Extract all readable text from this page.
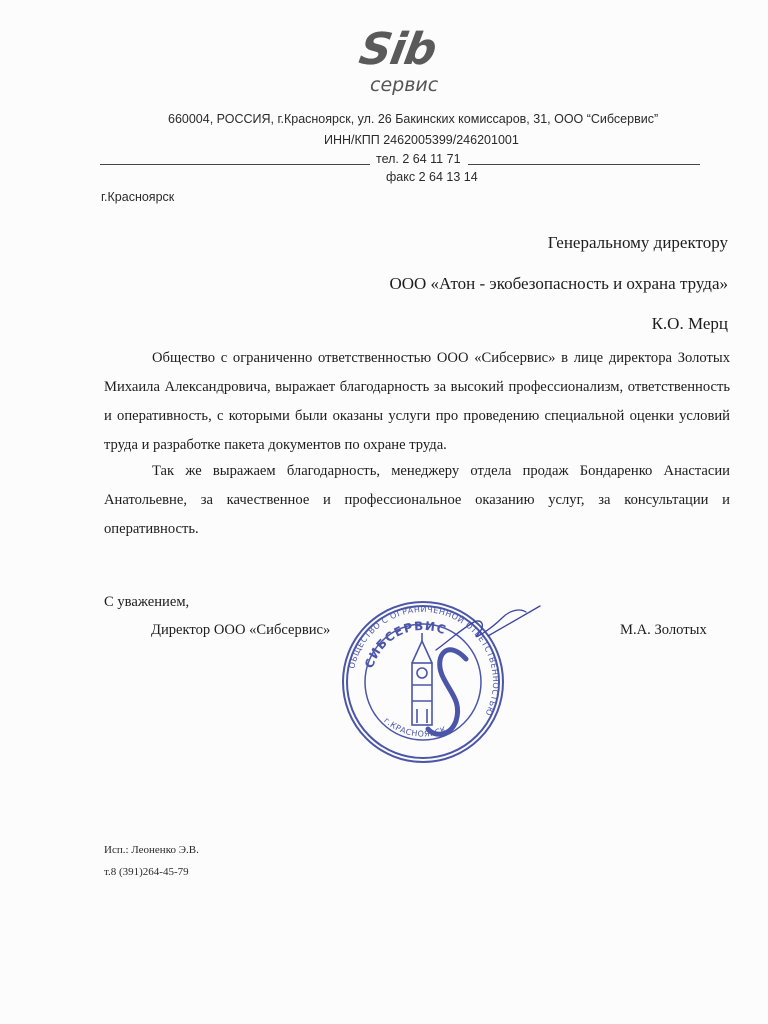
Sib
сервис
660004, РОССИЯ, г.Красноярск, ул. 26 Бакинских комиссаров, 31, ООО “Сибсервис”
ИНН/КПП 2462005399/246201001
тел. 2 64 11 71
факс 2 64 13 14
г.Красноярск
Генеральному директору
ООО «Атон - экобезопасность и охрана труда»
К.О. Мерц

Общество с ограниченно ответственностью ООО «Сибсервис» в лице директора Золотых Михаила Александровича, выражает благодарность за высокий профессионализм, ответственность и оперативность, с которыми были оказаны услуги про проведению специальной оценки условий труда и разработке пакета документов по охране труда.

Так же выражаем благодарность, менеджеру отдела продаж Бондаренко Анастасии Анатольевне, за качественное и профессиональное оказанию услуг, за консультации и оперативность.

С уважением,
Директор ООО «Сибсервис»	М.А. Золотых
ОБЩЕСТВО С ОГРАНИЧЕННОЙ ОТВЕТСТВЕННОСТЬЮ
СИБСЕРВИС
г.КРАСНОЯРСК
Исп.: Леоненко Э.В.
т.8 (391)264-45-79
